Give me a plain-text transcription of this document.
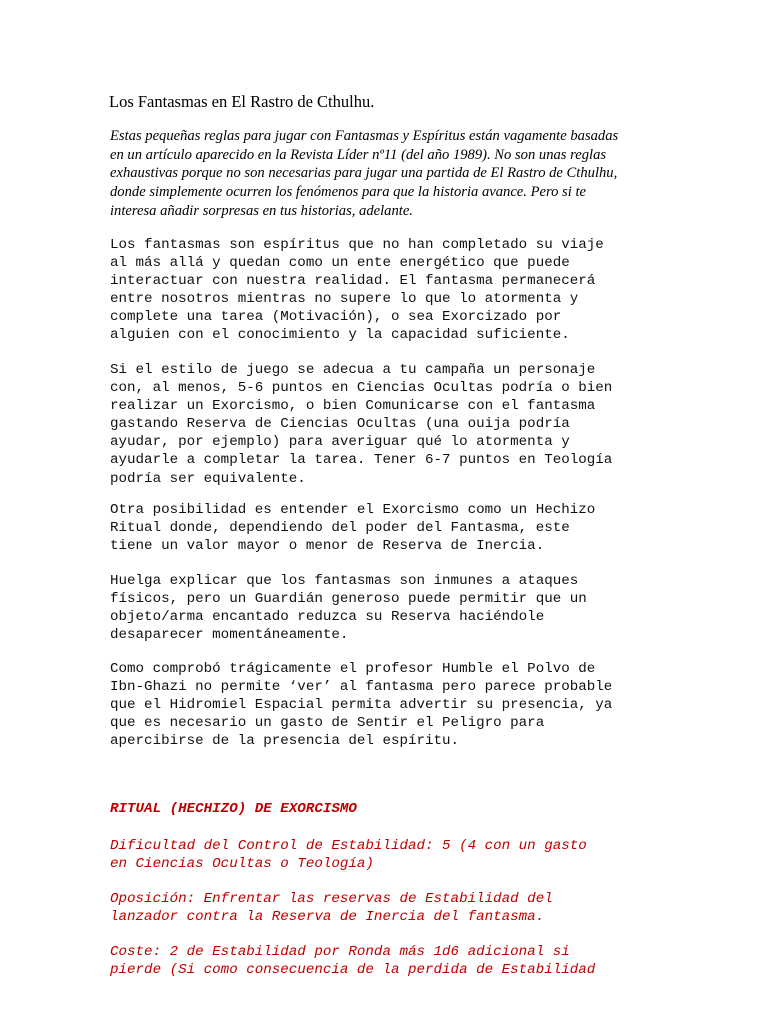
Los Fantasmas en El Rastro de Cthulhu.

Estas pequeñas reglas para jugar con Fantasmas y Espíritus están vagamente basadas
en un artículo aparecido en la Revista Líder nº11 (del año 1989). No son unas reglas
exhaustivas porque no son necesarias para jugar una partida de El Rastro de Cthulhu,
donde simplemente ocurren los fenómenos para que la historia avance. Pero si te
interesa añadir sorpresas en tus historias, adelante.

Los fantasmas son espíritus que no han completado su viaje
al más allá y quedan como un ente energético que puede
interactuar con nuestra realidad. El fantasma permanecerá
entre nosotros mientras no supere lo que lo atormenta y
complete una tarea (Motivación), o sea Exorcizado por
alguien con el conocimiento y la capacidad suficiente.

Si el estilo de juego se adecua a tu campaña un personaje
con, al menos, 5-6 puntos en Ciencias Ocultas podría o bien
realizar un Exorcismo, o bien Comunicarse con el fantasma
gastando Reserva de Ciencias Ocultas (una ouija podría
ayudar, por ejemplo) para averiguar qué lo atormenta y
ayudarle a completar la tarea. Tener 6-7 puntos en Teología
podría ser equivalente.

Otra posibilidad es entender el Exorcismo como un Hechizo
Ritual donde, dependiendo del poder del Fantasma, este
tiene un valor mayor o menor de Reserva de Inercia.

Huelga explicar que los fantasmas son inmunes a ataques
físicos, pero un Guardián generoso puede permitir que un
objeto/arma encantado reduzca su Reserva haciéndole
desaparecer momentáneamente.

Como comprobó trágicamente el profesor Humble el Polvo de
Ibn-Ghazi no permite ‘ver’ al fantasma pero parece probable
que el Hidromiel Espacial permita advertir su presencia, ya
que es necesario un gasto de Sentir el Peligro para
apercibirse de la presencia del espíritu.

RITUAL (HECHIZO) DE EXORCISMO

Dificultad del Control de Estabilidad: 5 (4 con un gasto
en Ciencias Ocultas o Teología)

Oposición: Enfrentar las reservas de Estabilidad del
lanzador contra la Reserva de Inercia del fantasma.

Coste: 2 de Estabilidad por Ronda más 1d6 adicional si
pierde (Si como consecuencia de la perdida de Estabilidad
